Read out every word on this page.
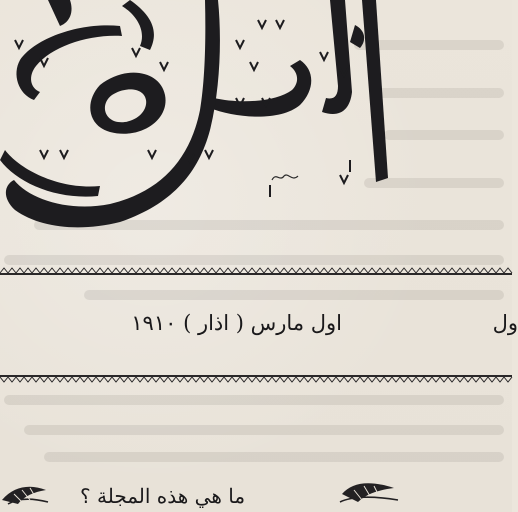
اول مارس ( اذار ) ١٩١٠	ول
ما هي هذه المجلة ؟
